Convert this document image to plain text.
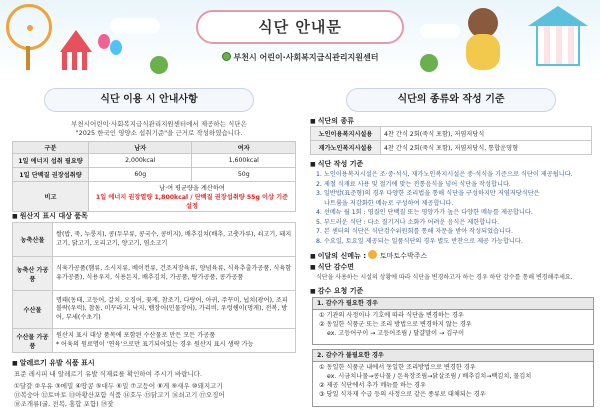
식단 안내문
부천시 어린이·사회복지급식관리지원센터
식단 이용 시 안내사항
부천시어린이·사회복지급식관리지원센터에서 제공하는 식단은
"2025 한국인 영양소 섭취기준"을 근거로 작성하였습니다.
구분	남자	여자
1일 에너지 섭취 필요량	2,000kcal	1,600kcal
1일 단백질 권장섭취량	60g	50g
비고	남·여 평균량을 계산하여
1일 에너지 권장열량 1,800kcal / 단백질 권장섭취량 55g 이상 기준 설정	
■ 원산지 표시 대상 품목
농축산물	쌀(밥, 죽, 누룽지), 콩(두부류, 콩국수, 콩비지), 배추김치(배추, 고춧가루), 쇠고기, 돼지고기, 닭고기, 오리고기, 양고기, 염소고기
농축산 가공품	식육가공품(햄류, 소시지류, 베이컨류, 건조저장육류, 양념육류, 식육추출가공품, 식육함유가공품), 식용우지, 식용돈지, 배추김치, 가공품, 탕가공품, 콩가공품
수산물	명태(동태, 고등어, 갈치, 오징어, 꽃게, 참조기, 다랑어, 아귀, 주꾸미, 넙치(광어), 조피볼락(우럭), 참돔, 미꾸라지, 낙지, 뱀장어(민물장어), 가리비, 우렁쉥이(멍게), 전복, 방어, 부세(수초기)
수산물 가공품	원산지 표시 대상 품목에 포함된 수산물로 만든 모든 가공품
* 어육의 원료명이 '연육'으로만 표기되어있는 경우 원산지 표시 생략 가능
■ 알레르기 유발 식품 표시
표준 레시피 내 알레르기 유발 식재료를 확인하여 주시기 바랍니다.
①달걀 ②우유 ③메밀 ④땅콩 ⑤대두 ⑥밀 ⑦고등어 ⑧게 ⑨새우 ⑩돼지고기
⑪복숭아 ⑫토마토 ⑬아황산포함 식품 ⑭호두 ⑮닭고기 ⑯쇠고기 ⑰오징어
⑱조개류(굴, 전복, 홍합 포함) ⑲잣
식단의 종류와 작성 기준
■ 식단의 종류
노인이용복지시설용	4찬 간식 2회(죽식 포함), 저염저당식
재가노인복지시설용	4찬 간식 2회(죽식 포함), 저염저당식, 통합운영형
■ 식단 작성 기준
1. 노인이용복지시설은 조·중·석식, 재가노인복지시설은 중·석식을 기준으로 식단이 제공됩니다.
2. 제철 식재료 사용 및 절기에 맞는 전통음식을 넣어 식단을 작성합니다.
3. 일반밥(표준형)의 경우 다양한 조리법을 통해 식단을 구성하지만 저염저당식단은
나트륨을 저감화한 메뉴로 구성하여 제공합니다.
4. 선메뉴 월 1회 : 영질인 단백질 또는 영양가가 높은 다양한 메뉴를 제공합니다.
5. 부드러운 식단 : 다소 질기거나 소화가 어려운 음식은 제한합니다.
7. 본 센터의 식단은 식단검수위원회를 통해 자문을 받아 작성되었습니다.
8. 수요일, 토요일 제공되는 일품식단의 경우 별도 반찬으로 제공 가능합니다.
■ 이달의 신메뉴 : 토마토수박주스
■ 식단 감수면
식단을 사용하는 시설의 상황에 따라 식단을 변경하고자 하는 경우 하단 감수를 통해 변경해주세요.
■ 감수 요청 기준
1. 감수가 필요한 경우
① 기관의 사정이나 기호에 따라 식단을 변경하는 경우
② 동일한 식품군 또는 조리 방법으로 변경하지 않는 경우
ex. 고등어구이 → 고등어조림 / 달걀말이 → 김구이
2. 감수가 불필요한 경우
① 동일한 식품군 내에서 동일한 조리방법으로 변경한 경우
ex. 시금치나물→콩나물 / 돈육장조림→닭살조림 / 배추김치→백김치, 물김치
② 제공 식단에서 추가 메뉴를 하는 경우
③ 당일 식자재 수급 등의 사정으로 같은 종류로 대체되는 경우
